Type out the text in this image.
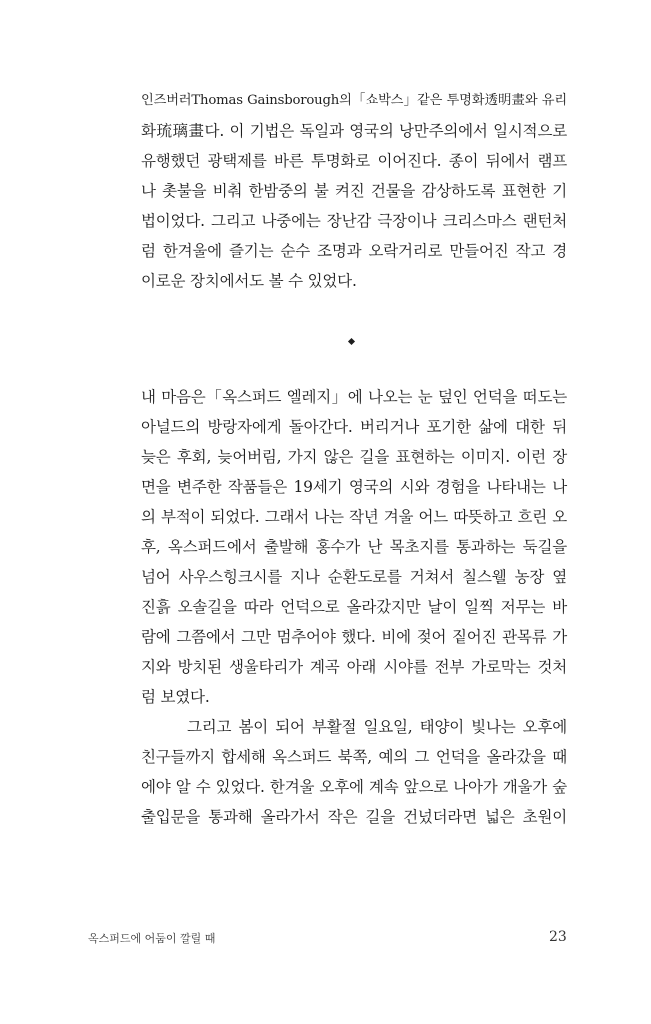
인즈버러Thomas Gainsborough의「쇼박스」같은 투명화透明畫와 유리
화琉璃畫다. 이 기법은 독일과 영국의 낭만주의에서 일시적으로
유행했던 광택제를 바른 투명화로 이어진다. 종이 뒤에서 램프
나 촛불을 비춰 한밤중의 불 켜진 건물을 감상하도록 표현한 기
법이었다. 그리고 나중에는 장난감 극장이나 크리스마스 랜턴처
럼 한겨울에 즐기는 순수 조명과 오락거리로 만들어진 작고 경
이로운 장치에서도 볼 수 있었다.
내 마음은「옥스퍼드 엘레지」에 나오는 눈 덮인 언덕을 떠도는
아널드의 방랑자에게 돌아간다. 버리거나 포기한 삶에 대한 뒤
늦은 후회, 늦어버림, 가지 않은 길을 표현하는 이미지. 이런 장
면을 변주한 작품들은 19세기 영국의 시와 경험을 나타내는 나
의 부적이 되었다. 그래서 나는 작년 겨울 어느 따뜻하고 흐린 오
후, 옥스퍼드에서 출발해 홍수가 난 목초지를 통과하는 둑길을
넘어 사우스힝크시를 지나 순환도로를 거쳐서 칠스웰 농장 옆
진흙 오솔길을 따라 언덕으로 올라갔지만 날이 일찍 저무는 바
람에 그쯤에서 그만 멈추어야 했다. 비에 젖어 짙어진 관목류 가
지와 방치된 생울타리가 계곡 아래 시야를 전부 가로막는 것처
럼 보였다.
그리고 봄이 되어 부활절 일요일, 태양이 빛나는 오후에
친구들까지 합세해 옥스퍼드 북쪽, 예의 그 언덕을 올라갔을 때
에야 알 수 있었다. 한겨울 오후에 계속 앞으로 나아가 개울가 숲
출입문을 통과해 올라가서 작은 길을 건넜더라면 넓은 초원이
옥스퍼드에 어둠이 깔릴 때	23
